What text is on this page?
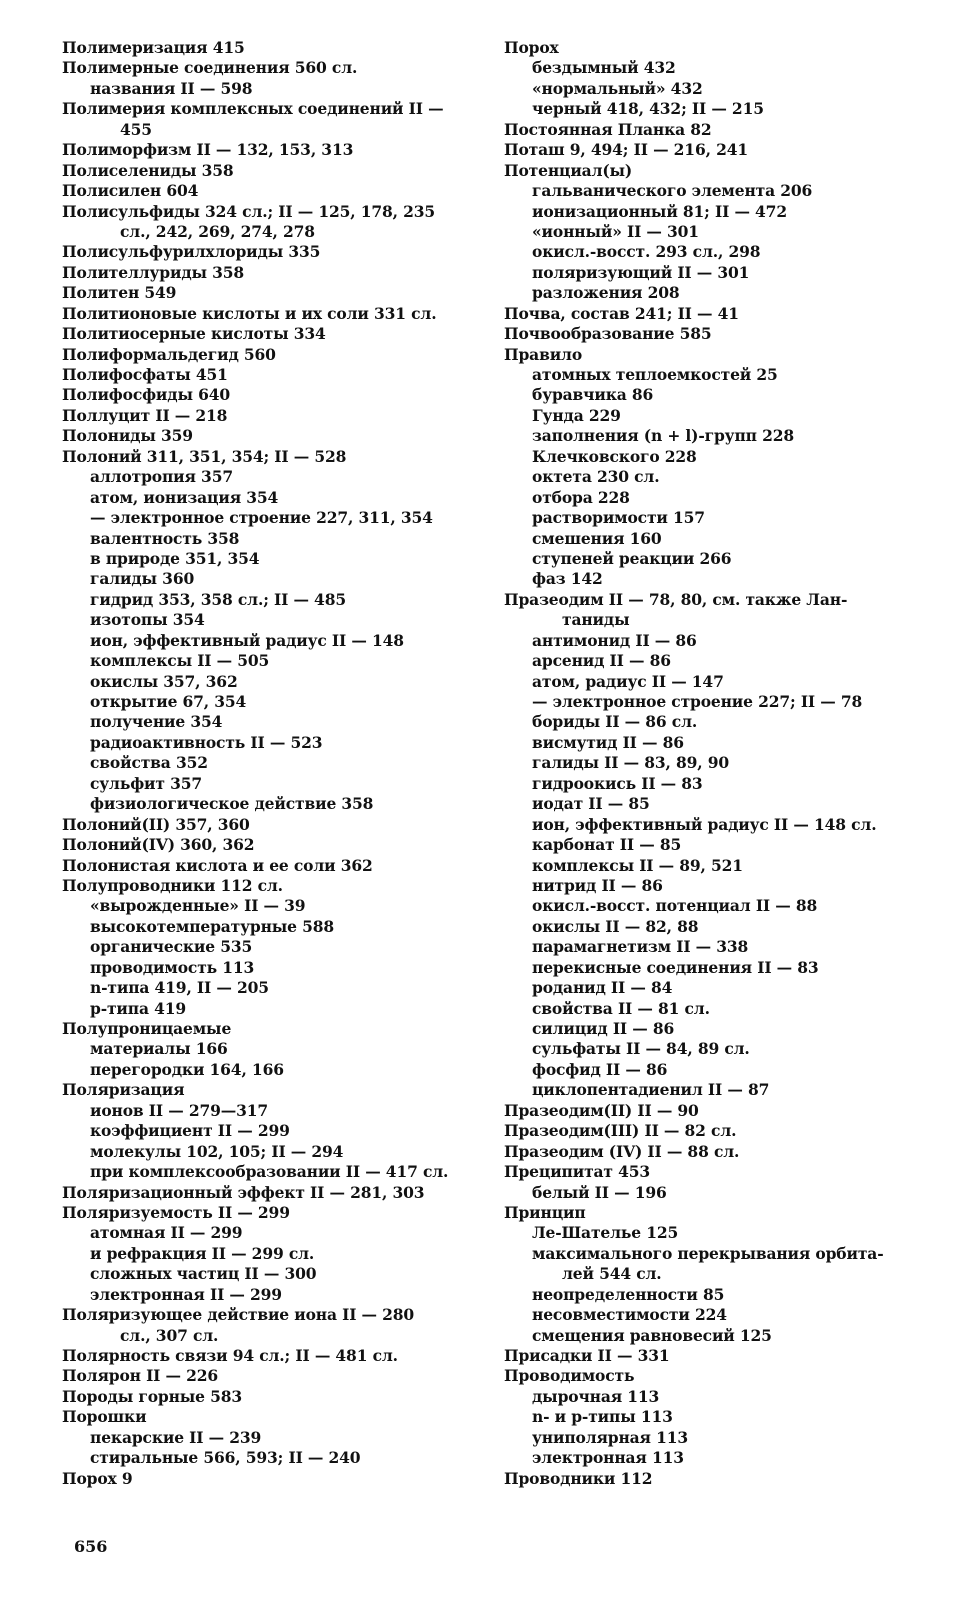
Полимеризация 415
Полимерные соединения 560 сл.
названия II — 598
Полимерия комплексных соединений II —
455
Полиморфизм II — 132, 153, 313
Полиселениды 358
Полисилен 604
Полисульфиды 324 сл.; II — 125, 178, 235
сл., 242, 269, 274, 278
Полисульфурилхлориды 335
Полителлуриды 358
Политен 549
Политионовые кислоты и их соли 331 сл.
Политиосерные кислоты 334
Полиформальдегид 560
Полифосфаты 451
Полифосфиды 640
Поллуцит II — 218
Полониды 359
Полоний 311, 351, 354; II — 528
аллотропия 357
атом, ионизация 354
— электронное строение 227, 311, 354
валентность 358
в природе 351, 354
галиды 360
гидрид 353, 358 сл.; II — 485
изотопы 354
ион, эффективный радиус II — 148
комплексы II — 505
окислы 357, 362
открытие 67, 354
получение 354
радиоактивность II — 523
свойства 352
сульфит 357
физиологическое действие 358
Полоний(II) 357, 360
Полоний(IV) 360, 362
Полонистая кислота и ее соли 362
Полупроводники 112 сл.
«вырожденные» II — 39
высокотемпературные 588
органические 535
проводимость 113
n-типа 419, II — 205
p-типа 419
Полупроницаемые
материалы 166
перегородки 164, 166
Поляризация
ионов II — 279—317
коэффициент II — 299
молекулы 102, 105; II — 294
при комплексообразовании II — 417 сл.
Поляризационный эффект II — 281, 303
Поляризуемость II — 299
атомная II — 299
и рефракция II — 299 сл.
сложных частиц II — 300
электронная II — 299
Поляризующее действие иона II — 280
сл., 307 сл.
Полярность связи 94 сл.; II — 481 сл.
Полярон II — 226
Породы горные 583
Порошки
пекарские II — 239
стиральные 566, 593; II — 240
Порох 9
Порох
бездымный 432
«нормальный» 432
черный 418, 432; II — 215
Постоянная Планка 82
Поташ 9, 494; II — 216, 241
Потенциал(ы)
гальванического элемента 206
ионизационный 81; II — 472
«ионный» II — 301
окисл.-восст. 293 сл., 298
поляризующий II — 301
разложения 208
Почва, состав 241; II — 41
Почвообразование 585
Правило
атомных теплоемкостей 25
буравчика 86
Гунда 229
заполнения (n + l)-групп 228
Клечковского 228
октета 230 сл.
отбора 228
растворимости 157
смешения 160
ступеней реакции 266
фаз 142
Празеодим II — 78, 80, см. также Лан-
таниды
антимонид II — 86
арсенид II — 86
атом, радиус II — 147
— электронное строение 227; II — 78
бориды II — 86 сл.
висмутид II — 86
галиды II — 83, 89, 90
гидроокись II — 83
иодат II — 85
ион, эффективный радиус II — 148 сл.
карбонат II — 85
комплексы II — 89, 521
нитрид II — 86
окисл.-восст. потенциал II — 88
окислы II — 82, 88
парамагнетизм II — 338
перекисные соединения II — 83
роданид II — 84
свойства II — 81 сл.
силицид II — 86
сульфаты II — 84, 89 сл.
фосфид II — 86
циклопентадиенил II — 87
Празеодим(II) II — 90
Празеодим(III) II — 82 сл.
Празеодим (IV) II — 88 сл.
Преципитат 453
белый II — 196
Принцип
Ле-Шателье 125
максимального перекрывания орбита-
лей 544 сл.
неопределенности 85
несовместимости 224
смещения равновесий 125
Присадки II — 331
Проводимость
дырочная 113
n- и p-типы 113
униполярная 113
электронная 113
Проводники 112
656
